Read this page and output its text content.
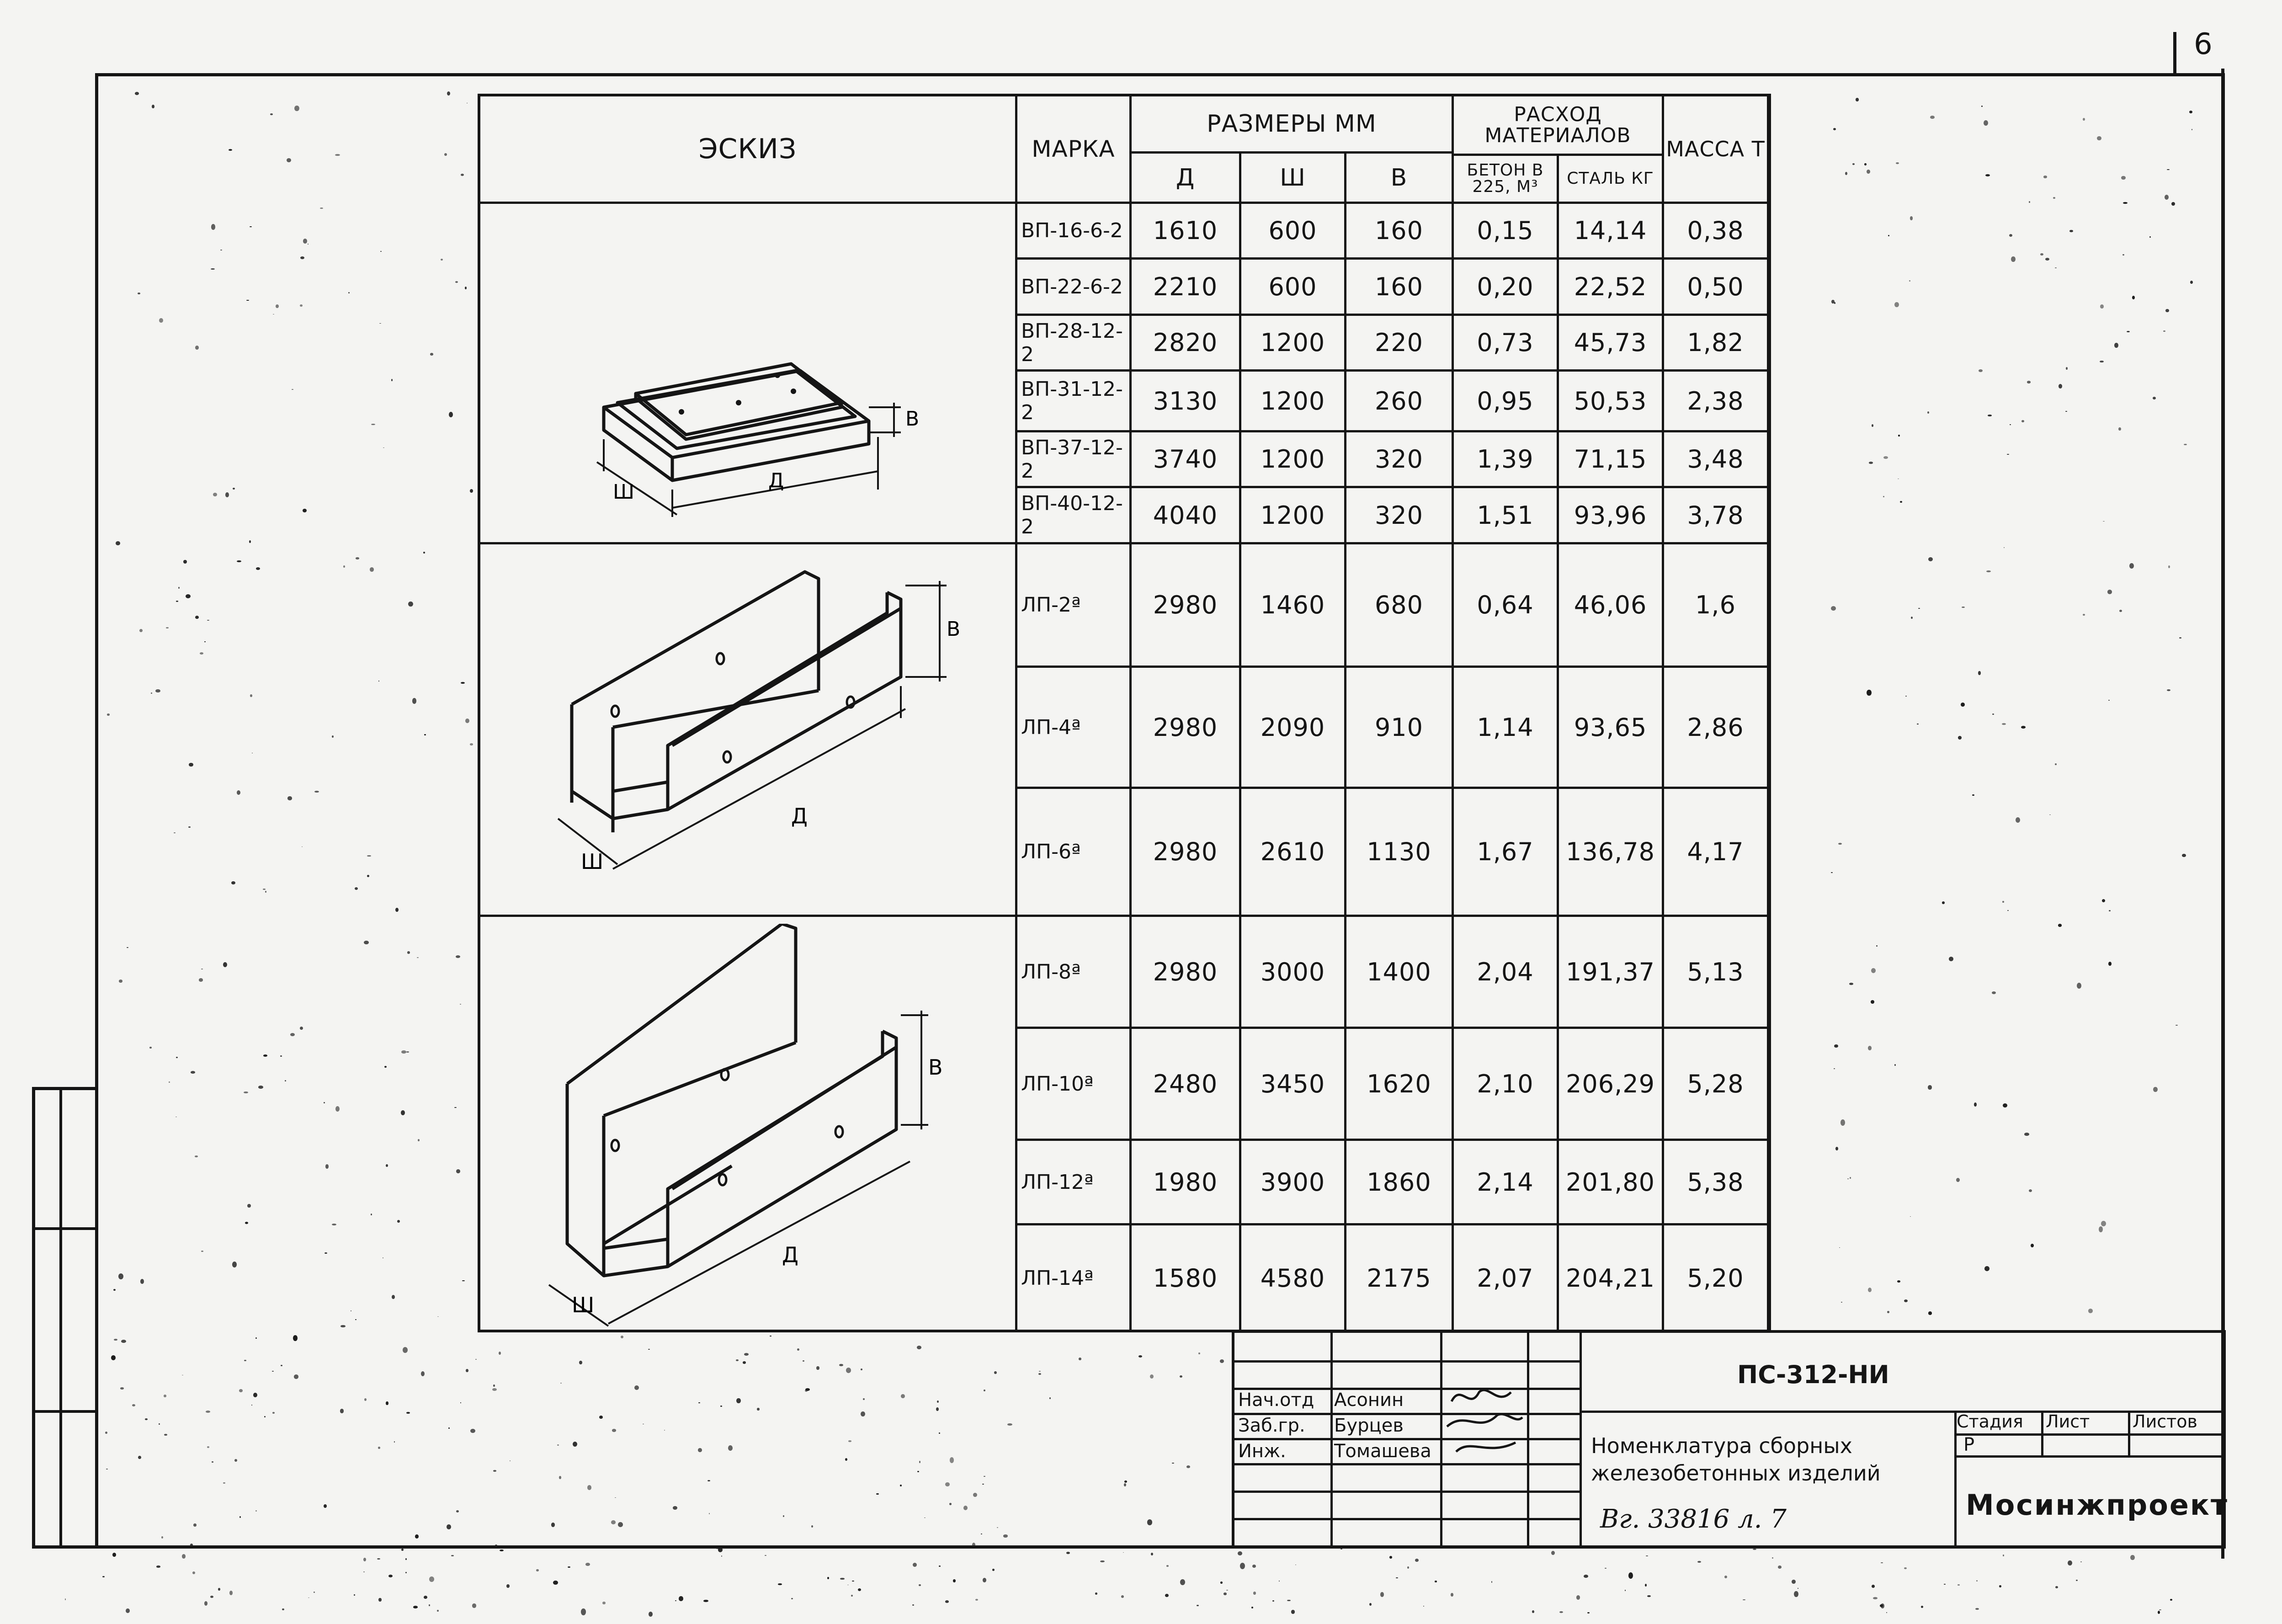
6
ЭСКИЗ	МАРКА
РАЗМЕРЫ ММ
Д	Ш	В
РАСХОД МАТЕРИАЛОВ
БЕТОН В 225, М³	СТАЛЬ КГ
МАССА Т
ВП-16-6-2	1610	600	160	0,15	14,14	0,38
ВП-22-6-2	2210	600	160	0,20	22,52	0,50
ВП-28-12-2	2820	1200	220	0,73	45,73	1,82
ВП-31-12-2	3130	1200	260	0,95	50,53	2,38
ВП-37-12-2	3740	1200	320	1,39	71,15	3,48
ВП-40-12-2	4040	1200	320	1,51	93,96	3,78
ЛП-2ª	2980	1460	680	0,64	46,06	1,6
ЛП-4ª	2980	2090	910	1,14	93,65	2,86
ЛП-6ª	2980	2610	1130	1,67	136,78	4,17
ЛП-8ª	2980	3000	1400	2,04	191,37	5,13
ЛП-10ª	2480	3450	1620	2,10	206,29	5,28
ЛП-12ª	1980	3900	1860	2,14	201,80	5,38
ЛП-14ª	1580	4580	2175	2,07	204,21	5,20
В
Ш	Д
В
Ш
Д
В
Ш
Д
Нач.отд Асонин
Заб.гр. Бурцев
Инж.	Томашева
ПС-312-НИ
Номенклатура сборных
железобетонных изделий
Вг. 33816 л. 7
Стадия Лист Листов
Р
Мосинжпроект
